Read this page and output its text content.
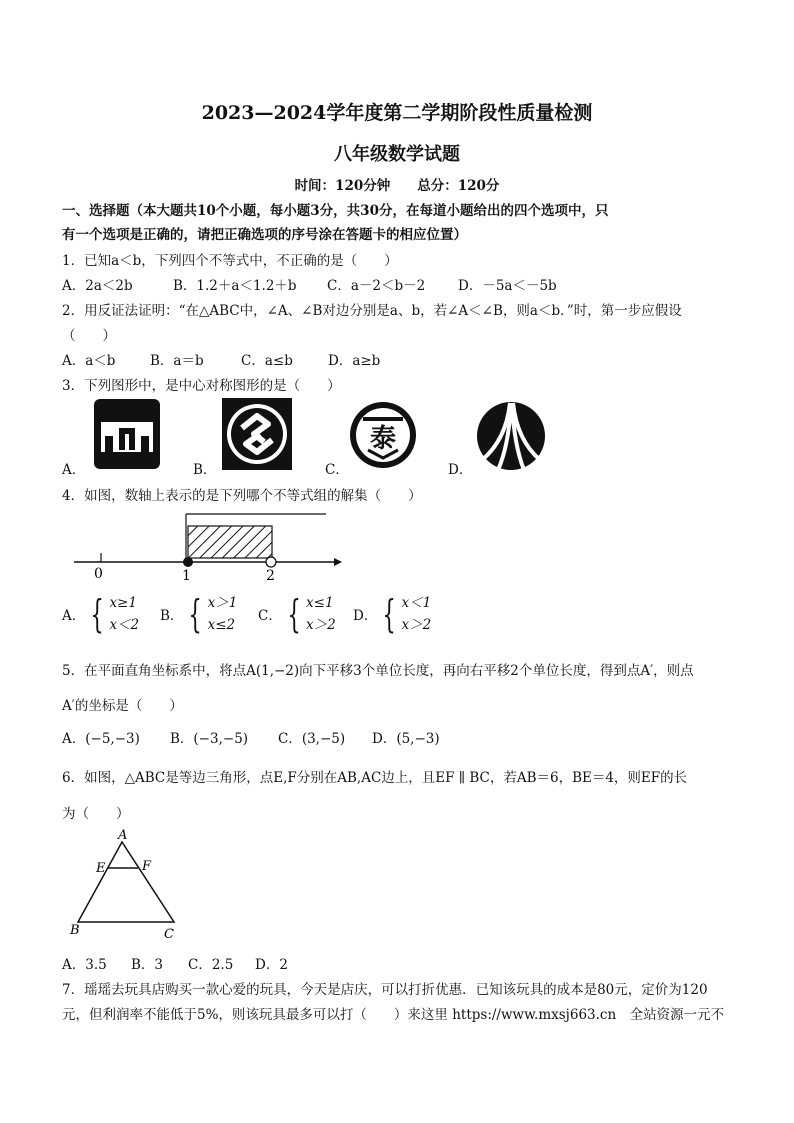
2023—2024学年度第二学期阶段性质量检测
八年级数学试题
时间：120分钟　　总分：120分
一、选择题（本大题共10个小题，每小题3分，共30分，在每道小题给出的四个选项中，只
有一个选项是正确的，请把正确选项的序号涂在答题卡的相应位置）
1．已知a＜b，下列四个不等式中，不正确的是（　　）
A．2a＜2b	B．1.2＋a＜1.2＋b C．a－2＜b－2 D．－5a＜－5b
2．用反证法证明：“在△ABC中，∠A、∠B对边分别是a、b，若∠A＜∠B，则a＜b．”时，第一步应假设
（　　）
A．a＜b	B．a＝b	C．a≤b	D．a≥b
3．下列图形中，是中心对称图形的是（　　）
A．	B．
泰
C．	D．
4．如图，数轴上表示的是下列哪个不等式组的解集（　　）
0	1	2
A． { x≥1
x＜2
B． { x＞1
x≤2
C． { x≤1
x＞2
D． { x＜1
x＞2
5．在平面直角坐标系中，将点A(1,−2)向下平移3个单位长度，再向右平移2个单位长度，得到点A′，则点
A′的坐标是（　　）
A．(−5,−3) B．(−3,−5) C．(3,−5) D．(5,−3)
6．如图，△ABC是等边三角形，点E,F分别在AB,AC边上，且EF ∥ BC，若AB＝6，BE＝4，则EF的长
为（　　）
A
E	F
B	C
A．3.5 B．3 C．2.5 D．2
7．瑶瑶去玩具店购买一款心爱的玩具，今天是店庆，可以打折优惠．已知该玩具的成本是80元，定价为120
元，但利润率不能低于5%，则该玩具最多可以打（　　）来这里 https://www.mxsj663.cn　全站资源一元不
